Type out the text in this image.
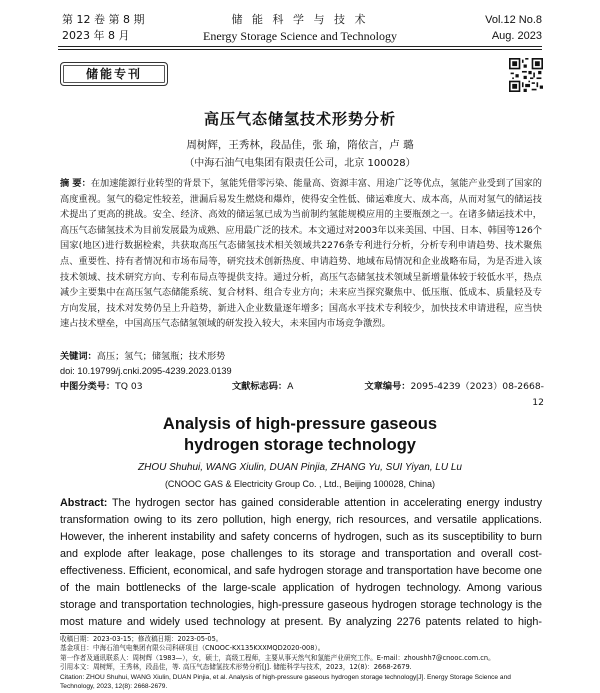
第 12 卷 第 8 期
2023 年 8 月
储 能 科 学 与 技 术
Energy Storage Science and Technology
Vol.12 No.8
Aug. 2023
储能专刊
高压气态储氢技术形势分析
周树辉，王秀林，段品佳，张 瑜，隋依言，卢 璐
（中海石油气电集团有限责任公司，北京 100028）
摘 要：在加速能源行业转型的背景下，氢能凭借零污染、能量高、资源丰富、用途广泛等优点，氢能产业受到了国家的高度重视。氢气的稳定性较差，泄漏后易发生燃烧和爆炸，使得安全性低、储运难度大、成本高，从而对氢气的储运技术提出了更高的挑战。安全、经济、高效的储运氢已成为当前制约氢能规模应用的主要瓶颈之一。在诸多储运技术中，高压气态储氢技术为目前发展最为成熟、应用最广泛的技术。本文通过对2003年以来美国、中国、日本、韩国等126个国家(地区)进行数据检索，共获取高压气态储氢技术相关领域共2276条专利进行分析，分析专利申请趋势、技术聚焦点、重要性、持有者情况和市场布局等，研究技术创新热度、申请趋势、地域布局情况和企业战略布局，为是否进入该技术领域、技术研究方向、专利布局点等提供支持。通过分析，高压气态储氢技术领域呈新增量体较于较低水平，热点减少主要集中在高压氢气态储能系统、复合材料、组合专业方向；未来应当探究聚焦中、低压瓶、低成本、质量轻及专方向发展，技术对发势仍呈上升趋势，新进入企业数量逐年增多；国高水平技术专利较少，加快技术申请进程，应当快速占技术壁垒，中国高压气态储氢领域的研发投入较大，未来国内市场竞争激烈。
关键词：高压；氢气；储氢瓶；技术形势
doi: 10.19799/j.cnki.2095-4239.2023.0139
中图分类号：TQ 03	文献标志码：A	文章编号：2095-4239（2023）08-2668-12
Analysis of high-pressure gaseous hydrogen storage technology
ZHOU Shuhui, WANG Xiulin, DUAN Pinjia, ZHANG Yu, SUI Yiyan, LU Lu
(CNOOC GAS & Electricity Group Co. , Ltd., Beijing 100028, China)
Abstract: The hydrogen sector has gained considerable attention in accelerating energy industry transformation owing to its zero pollution, high energy, rich resources, and versatile applications. However, the inherent instability and safety concerns of hydrogen, such as its susceptibility to burn and explode after leakage, pose challenges to its storage and transportation and overall cost-effectiveness. Efficient, economical, and safe hydrogen storage and transportation have become one of the main bottlenecks of the large-scale application of hydrogen technology. Among various storage and transportation technologies, high-pressure gaseous hydrogen storage technology is the most mature and widely used technology at present. By analyzing 2276 patents related to high-
收稿日期：2023-03-15；修改稿日期：2023-05-05。
基金项目：中海石油气电集团有限公司科研项目（CNOOC-KX135KXXMQD2020-008）。
第一作者及通讯联系人：周树辉（1983—），女，硕士，高级工程师，主要从事天然气和氢能产业研究工作。E-mail：zhoushh7@cnooc.com.cn。
引用本文：周树辉，王秀林，段品佳，等. 高压气态储氢技术形势分析[J]. 储能科学与技术，2023，12(8)：2668-2679.
Citation: ZHOU Shuhui, WANG Xiulin, DUAN Pinjia, et al. Analysis of high-pressure gaseous hydrogen storage technology[J]. Energy Storage Science and Technology, 2023, 12(8): 2668-2679.
